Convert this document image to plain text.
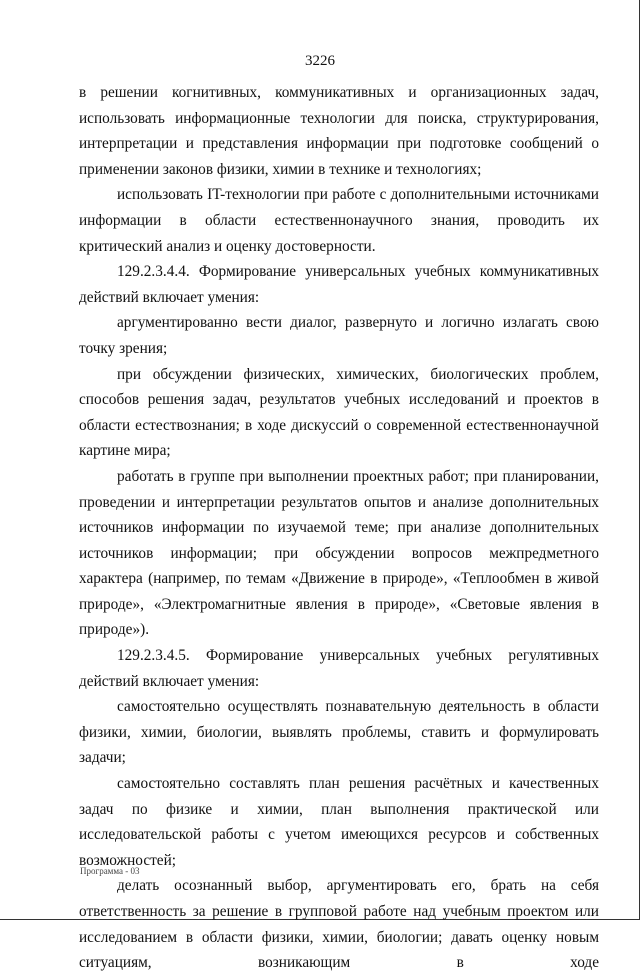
3226

в решении когнитивных, коммуникативных и организационных задач, использовать информационные технологии для поиска, структурирования, интерпретации и представления информации при подготовке сообщений о применении законов физики, химии в технике и технологиях;

использовать IT-технологии при работе с дополнительными источниками информации в области естественнонаучного знания, проводить их критический анализ и оценку достоверности.

129.2.3.4.4. Формирование универсальных учебных коммуникативных действий включает умения:

аргументированно вести диалог, развернуто и логично излагать свою точку зрения;

при обсуждении физических, химических, биологических проблем, способов решения задач, результатов учебных исследований и проектов в области естествознания; в ходе дискуссий о современной естественнонаучной картине мира;

работать в группе при выполнении проектных работ; при планировании, проведении и интерпретации результатов опытов и анализе дополнительных источников информации по изучаемой теме; при анализе дополнительных источников информации; при обсуждении вопросов межпредметного характера (например, по темам «Движение в природе», «Теплообмен в живой природе», «Электромагнитные явления в природе», «Световые явления в природе»).

129.2.3.4.5. Формирование универсальных учебных регулятивных действий включает умения:

самостоятельно осуществлять познавательную деятельность в области физики, химии, биологии, выявлять проблемы, ставить и формулировать задачи;

самостоятельно составлять план решения расчётных и качественных задач по физике и химии, план выполнения практической или исследовательской работы с учетом имеющихся ресурсов и собственных возможностей;

делать осознанный выбор, аргументировать его, брать на себя ответственность за решение в групповой работе над учебным проектом или исследованием в области физики, химии, биологии; давать оценку новым ситуациям, возникающим в ходе

Программа - 03
